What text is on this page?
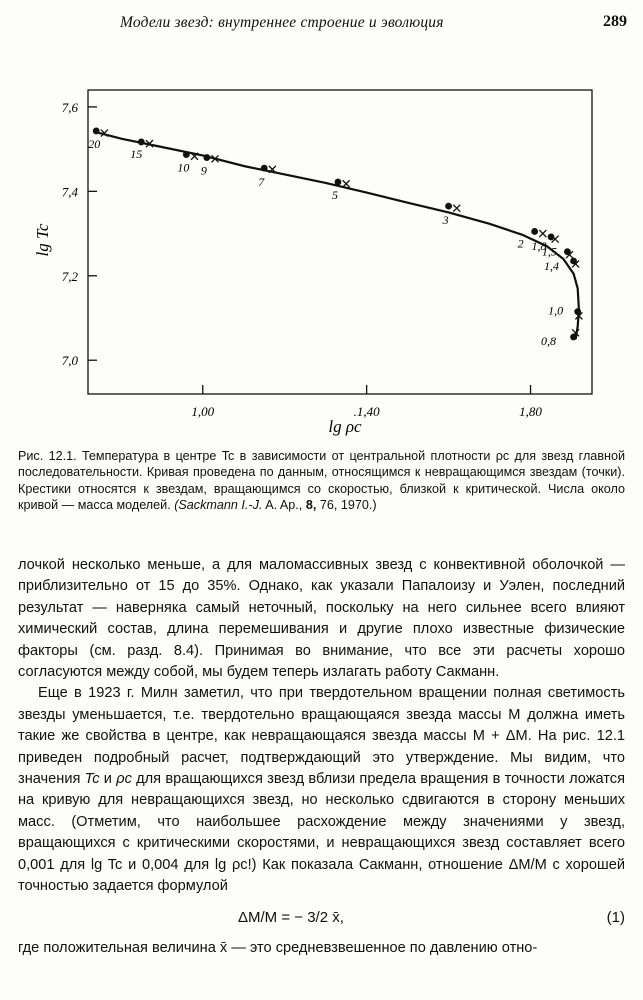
Модели звезд: внутреннее строение и эволюция	289
7,0
7,2
7,4
7,6
1,00	.1,40	1,80
20
15
10 9
7
5
3
2 1,8
1,5
1,4
1,0
0,8
lg Tc
lg ρc
Рис. 12.1. Температура в центре Tc в зависимости от центральной плотности ρc для звезд главной последовательности. Кривая проведена по данным, относящимся к невращающимся звездам (точки). Крестики относятся к звездам, вращающимся со скоростью, близкой к критической. Числа около кривой — масса моделей. (Sackmann I.-J. A. Ap., 8, 76, 1970.)

лочкой несколько меньше, а для маломассивных звезд с конвективной оболочкой — приблизительно от 15 до 35%. Однако, как указали Папалоизу и Уэлен, последний результат — наверняка самый неточный, поскольку на него сильнее всего влияют химический состав, длина перемешивания и другие плохо известные физические факторы (см. разд. 8.4). Принимая во внимание, что все эти расчеты хорошо согласуются между собой, мы будем теперь излагать работу Сакманн.

Еще в 1923 г. Милн заметил, что при твердотельном вращении полная светимость звезды уменьшается, т.е. твердотельно вращающаяся звезда массы M должна иметь такие же свойства в центре, как невращающаяся звезда массы M + ΔM. На рис. 12.1 приведен подробный расчет, подтверждающий это утверждение. Мы видим, что значения Tc и ρc для вращающихся звезд вблизи предела вращения в точности ложатся на кривую для невращающихся звезд, но несколько сдвигаются в сторону меньших масс. (Отметим, что наибольшее расхождение между значениями у звезд, вращающихся с критическими скоростями, и невращающихся звезд составляет всего 0,001 для lg Tc и 0,004 для lg ρc!) Как показала Сакманн, отношение ΔM/M с хорошей точностью задается формулой

ΔM/M = − 3/2 x̄,	(1)

где положительная величина x̄ — это средневзвешенное по давлению отно-
